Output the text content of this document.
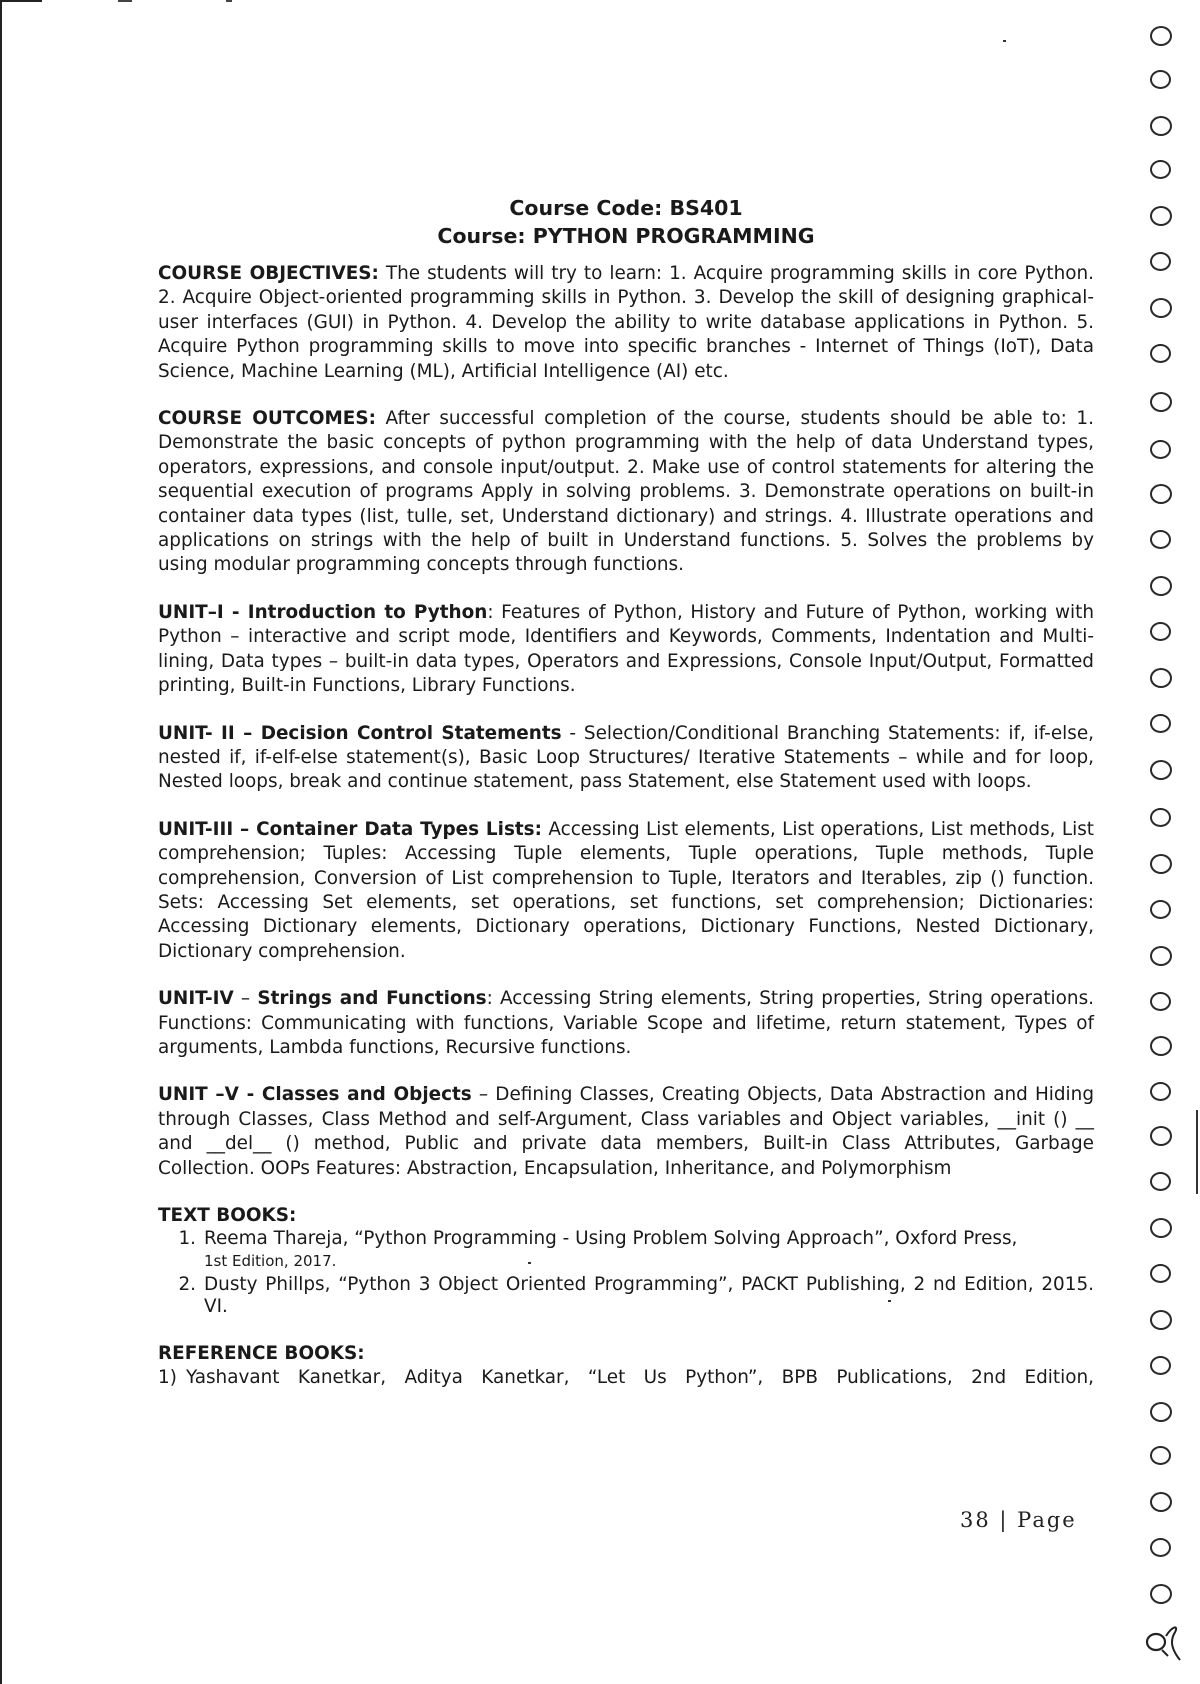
Course Code: BS401
Course: PYTHON PROGRAMMING

COURSE OBJECTIVES: The students will try to learn: 1. Acquire programming skills in core Python. 2. Acquire Object-oriented programming skills in Python. 3. Develop the skill of designing graphical-user interfaces (GUI) in Python. 4. Develop the ability to write database applications in Python. 5. Acquire Python programming skills to move into specific branches - Internet of Things (IoT), Data Science, Machine Learning (ML), Artificial Intelligence (AI) etc.

COURSE OUTCOMES: After successful completion of the course, students should be able to: 1. Demonstrate the basic concepts of python programming with the help of data Understand types, operators, expressions, and console input/output. 2. Make use of control statements for altering the sequential execution of programs Apply in solving problems. 3. Demonstrate operations on built-in container data types (list, tulle, set, Understand dictionary) and strings. 4. Illustrate operations and applications on strings with the help of built in Understand functions. 5. Solves the problems by using modular programming concepts through functions.

UNIT–I - Introduction to Python: Features of Python, History and Future of Python, working with Python – interactive and script mode, Identifiers and Keywords, Comments, Indentation and Multi-lining, Data types – built-in data types, Operators and Expressions, Console Input/Output, Formatted printing, Built-in Functions, Library Functions.

UNIT- II – Decision Control Statements - Selection/Conditional Branching Statements: if, if-else, nested if, if-elf-else statement(s), Basic Loop Structures/ Iterative Statements – while and for loop, Nested loops, break and continue statement, pass Statement, else Statement used with loops.

UNIT-III – Container Data Types Lists: Accessing List elements, List operations, List methods, List comprehension; Tuples: Accessing Tuple elements, Tuple operations, Tuple methods, Tuple comprehension, Conversion of List comprehension to Tuple, Iterators and Iterables, zip () function. Sets: Accessing Set elements, set operations, set functions, set comprehension; Dictionaries: Accessing Dictionary elements, Dictionary operations, Dictionary Functions, Nested Dictionary, Dictionary comprehension.

UNIT-IV – Strings and Functions: Accessing String elements, String properties, String operations. Functions: Communicating with functions, Variable Scope and lifetime, return statement, Types of arguments, Lambda functions, Recursive functions.

UNIT –V - Classes and Objects – Defining Classes, Creating Objects, Data Abstraction and Hiding through Classes, Class Method and self-Argument, Class variables and Object variables, __init () __ and __del__ () method, Public and private data members, Built-in Class Attributes, Garbage Collection. OOPs Features: Abstraction, Encapsulation, Inheritance, and Polymorphism

TEXT BOOKS:
1. Reema Thareja, “Python Programming - Using Problem Solving Approach”, Oxford Press,
1st Edition, 2017.
2. Dusty Phillps, “Python 3 Object Oriented Programming”, PACKT Publishing, 2 nd Edition, 2015. VI.
REFERENCE BOOKS:
1) Yashavant Kanetkar, Aditya Kanetkar, “Let Us Python”, BPB Publications, 2nd Edition,
38 | Page
